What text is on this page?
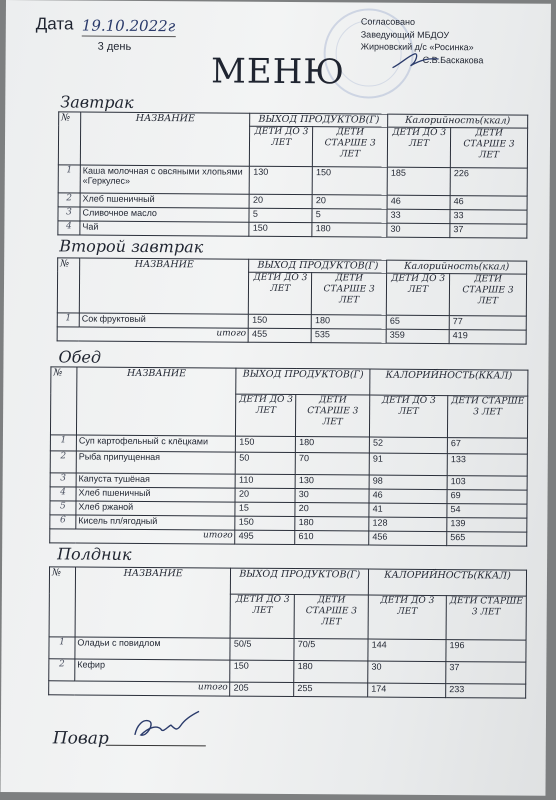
Дата 19.10.2022г
3 день
Согласовано
Заведующий МБДОУ
Жирновский д/с «Росинка»
С.В.Баскакова
МЕНЮ
Завтрак
№	НАЗВАНИЕ	ВЫХОД ПРОДУКТОВ(Г)		Калорийность(ккал)	
		ДЕТИ ДО 3 ЛЕТ	ДЕТИ СТАРШЕ 3 ЛЕТ	ДЕТИ ДО 3 ЛЕТ	ДЕТИ СТАРШЕ 3 ЛЕТ
1	Каша молочная с овсяными хлопьями «Геркулес»	130	150	185	226
2	Хлеб пшеничный	20	20	46	46
3	Сливочное масло	5	5	33	33
4	Чай	150	180	30	37
Второй завтрак
№	НАЗВАНИЕ	ВЫХОД ПРОДУКТОВ(Г)		Калорийность(ккал)	
		ДЕТИ ДО 3 ЛЕТ	ДЕТИ СТАРШЕ 3 ЛЕТ	ДЕТИ ДО 3 ЛЕТ	ДЕТИ СТАРШЕ 3 ЛЕТ
1	Сок фруктовый	150	180	65	77
итого		455	535	359	419
Обед
№	НАЗВАНИЕ	ВЫХОД ПРОДУКТОВ(Г)		КАЛОРИЙНОСТЬ(ККАЛ)	
		ДЕТИ ДО 3 ЛЕТ	ДЕТИ СТАРШЕ 3 ЛЕТ	ДЕТИ ДО 3 ЛЕТ	ДЕТИ СТАРШЕ 3 ЛЕТ
1	Суп картофельный с клёцками	150	180	52	67
2	Рыба припущенная	50	70	91	133
3	Капуста тушёная	110	130	98	103
4	Хлеб пшеничный	20	30	46	69
5	Хлеб ржаной	15	20	41	54
6	Кисель пл/ягодный	150	180	128	139
итого		495	610	456	565
Полдник
№	НАЗВАНИЕ	ВЫХОД ПРОДУКТОВ(Г)		КАЛОРИЙНОСТЬ(ККАЛ)	
		ДЕТИ ДО 3 ЛЕТ	ДЕТИ СТАРШЕ 3 ЛЕТ	ДЕТИ ДО 3 ЛЕТ	ДЕТИ СТАРШЕ 3 ЛЕТ
1	Оладьи с повидлом	50/5	70/5	144	196
2	Кефир	150	180	30	37
итого		205	255	174	233
Повар
